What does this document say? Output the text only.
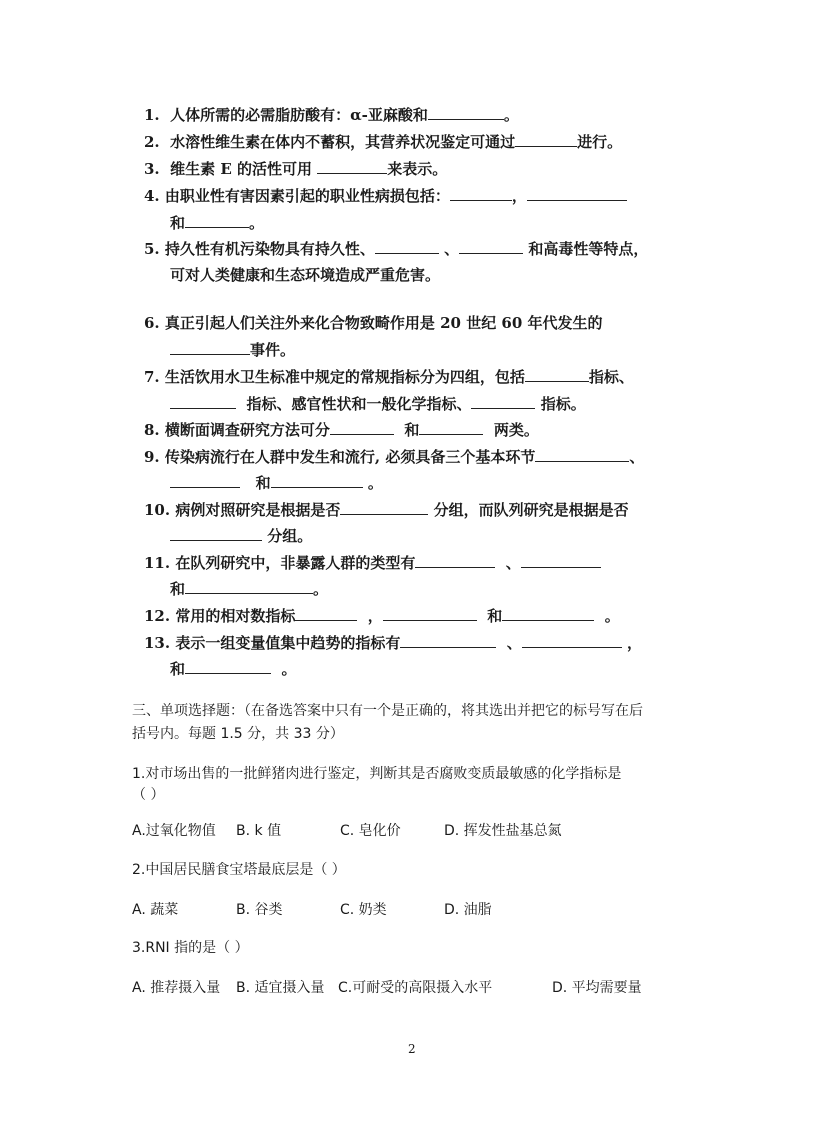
1. 人体所需的必需脂肪酸有：α-亚麻酸和	。
2. 水溶性维生素在体内不蓄积，其营养状况鉴定可通过	进行。
3. 维生素 E 的活性可用	来表示。
4. 由职业性有害因素引起的职业性病损包括：	，
和	。
5. 持久性有机污染物具有持久性、	、	和高毒性等特点，
可对人类健康和生态环境造成严重危害。
6. 真正引起人们关注外来化合物致畸作用是 20 世纪 60 年代发生的
事件。
7. 生活饮用水卫生标准中规定的常规指标分为四组，包括	指标、
指标、感官性状和一般化学指标、	指标。
8. 横断面调查研究方法可分	和	两类。
9. 传染病流行在人群中发生和流行, 必须具备三个基本环节	、
和	。
10. 病例对照研究是根据是否	分组，而队列研究是根据是否
分组。
11. 在队列研究中，非暴露人群的类型有	、
和	。
12. 常用的相对数指标	，	和	。
13. 表示一组变量值集中趋势的指标有	、	，
和	。
三、单项选择题：（在备选答案中只有一个是正确的，将其选出并把它的标号写在后
括号内。每题 1.5 分，共 33 分）
1.对市场出售的一批鲜猪肉进行鉴定，判断其是否腐败变质最敏感的化学指标是
（ ）
A.过氧化物值 B. k 值	C. 皂化价	D. 挥发性盐基总氮
2.中国居民膳食宝塔最底层是（ ）
A. 蔬菜	B. 谷类	C. 奶类	D. 油脂
3.RNI 指的是（ ）
A. 推荐摄入量 B. 适宜摄入量 C.可耐受的高限摄入水平	D. 平均需要量
2
